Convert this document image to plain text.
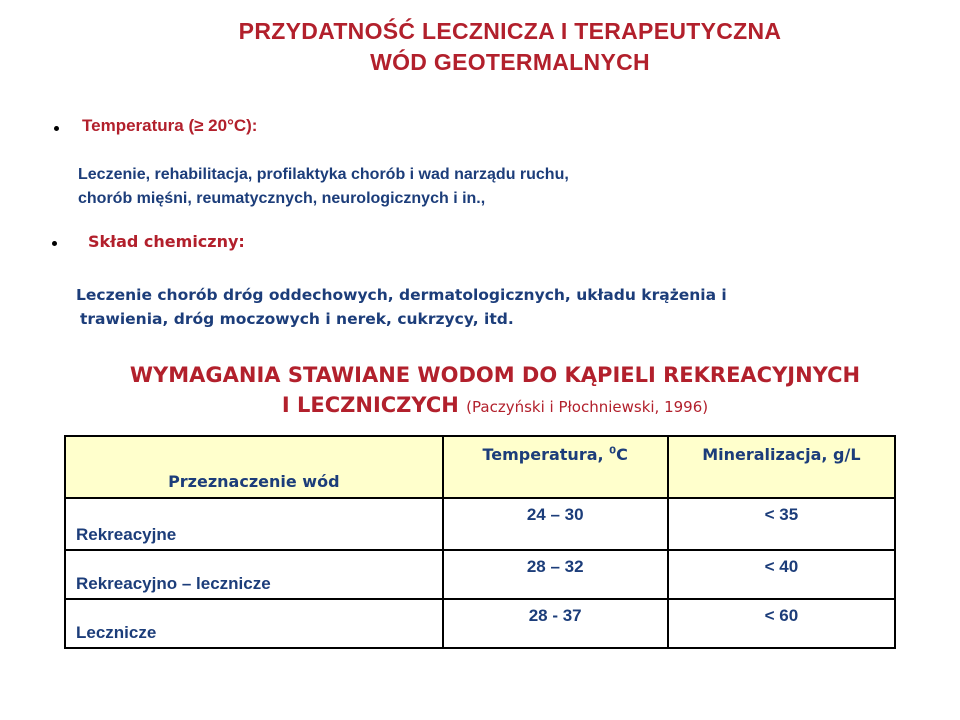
PRZYDATNOŚĆ LECZNICZA I TERAPEUTYCZNA
WÓD GEOTERMALNYCH
Temperatura (≥ 20°C):
Leczenie, rehabilitacja, profilaktyka chorób i wad narządu ruchu,
chorób mięśni, reumatycznych, neurologicznych i in.,
Skład chemiczny:
Leczenie chorób dróg oddechowych, dermatologicznych, układu krążenia i
trawienia, dróg moczowych i nerek, cukrzycy, itd.
WYMAGANIA STAWIANE WODOM DO KĄPIELI REKREACYJNYCH
I LECZNICZYCH (Paczyński i Płochniewski, 1996)
Przeznaczenie wód	Temperatura, $^0$C	Mineralizacja, g/L
Rekreacyjne	24 – 30	< 35
Rekreacyjno – lecznicze	28 – 32	< 40
Lecznicze	28 - 37	< 60
